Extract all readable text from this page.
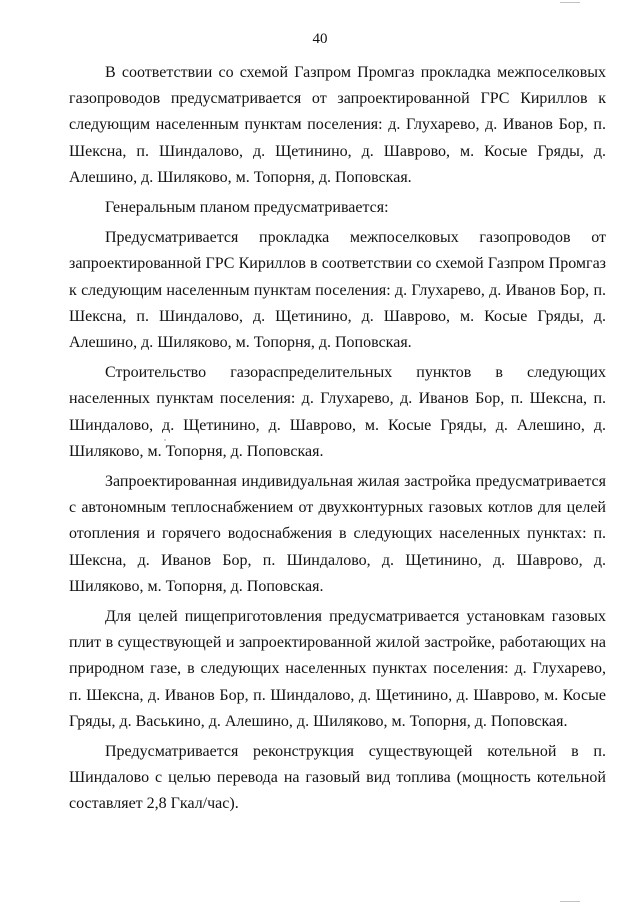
40

В соответствии со схемой Газпром Промгаз прокладка межпоселковых газопроводов предусматривается от запроектированной ГРС Кириллов к следующим населенным пунктам поселения: д. Глухарево, д. Иванов Бор, п. Шексна, п. Шиндалово, д. Щетинино, д. Шаврово, м. Косые Гряды, д. Алешино, д. Шиляково, м. Топорня, д. Поповская.

Генеральным планом предусматривается:

Предусматривается прокладка межпоселковых газопроводов от запроектированной ГРС Кириллов в соответствии со схемой Газпром Промгаз к следующим населенным пунктам поселения: д. Глухарево, д. Иванов Бор, п. Шексна, п. Шиндалово, д. Щетинино, д. Шаврово, м. Косые Гряды, д. Алешино, д. Шиляково, м. Топорня, д. Поповская.

Строительство газораспределительных пунктов в следующих населенных пунктам поселения: д. Глухарево, д. Иванов Бор, п. Шексна, п. Шиндалово, д. Щетинино, д. Шаврово, м. Косые Гряды, д. Алешино, д. Шиляково, м. Топорня, д. Поповская.

Запроектированная индивидуальная жилая застройка предусматривается с автономным теплоснабжением от двухконтурных газовых котлов для целей отопления и горячего водоснабжения в следующих населенных пунктах: п. Шексна, д. Иванов Бор, п. Шиндалово, д. Щетинино, д. Шаврово, д. Шиляково, м. Топорня, д. Поповская.

Для целей пищеприготовления предусматривается установкам газовых плит в существующей и запроектированной жилой застройке, работающих на природном газе, в следующих населенных пунктах поселения: д. Глухарево, п. Шексна, д. Иванов Бор, п. Шиндалово, д. Щетинино, д. Шаврово, м. Косые Гряды, д. Васькино, д. Алешино, д. Шиляково, м. Топорня, д. Поповская.

Предусматривается реконструкция существующей котельной в п. Шиндалово с целью перевода на газовый вид топлива (мощность котельной составляет 2,8 Гкал/час).
